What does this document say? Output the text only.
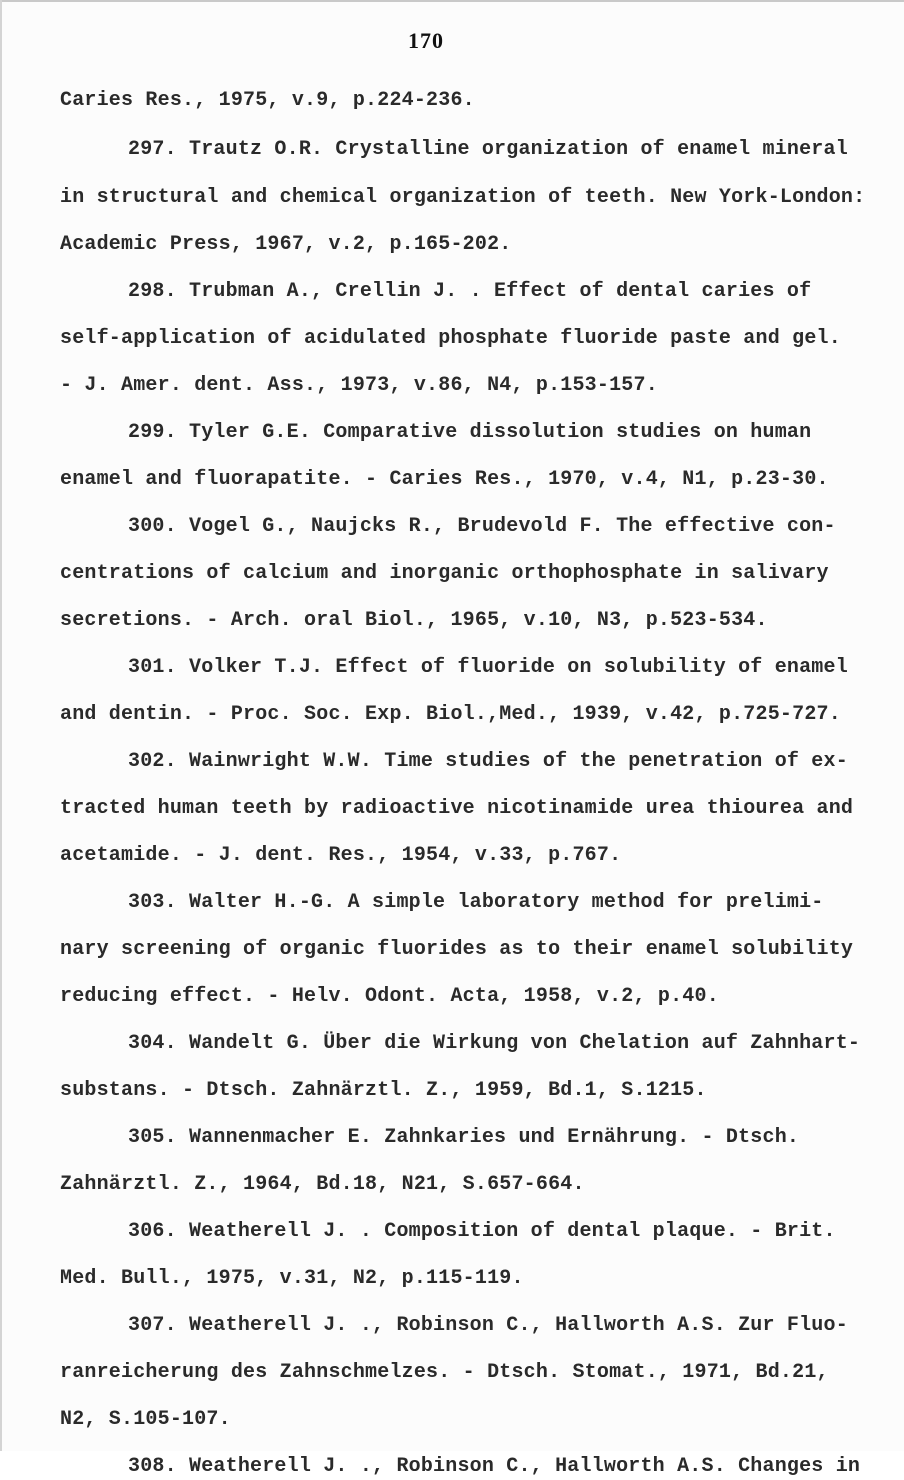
170
Caries Res., 1975, v.9, p.224-236.
297. Trautz O.R. Crystalline organization of enamel mineral
in structural and chemical organization of teeth. New York-London:
Academic Press, 1967, v.2, p.165-202.
298. Trubman A., Crellin J. . Effect of dental caries of
self-application of acidulated phosphate fluoride paste and gel.
- J. Amer. dent. Ass., 1973, v.86, N4, p.153-157.
299. Tyler G.E. Comparative dissolution studies on human
enamel and fluorapatite. - Caries Res., 1970, v.4, N1, p.23-30.
300. Vogel G., Naujcks R., Brudevold F. The effective con-
centrations of calcium and inorganic orthophosphate in salivary
secretions. - Arch. oral Biol., 1965, v.10, N3, p.523-534.
301. Volker T.J. Effect of fluoride on solubility of enamel
and dentin. - Proc. Soc. Exp. Biol.,Med., 1939, v.42, p.725-727.
302. Wainwright W.W. Time studies of the penetration of ex-
tracted human teeth by radioactive nicotinamide urea thiourea and
acetamide. - J. dent. Res., 1954, v.33, p.767.
303. Walter H.-G. A simple laboratory method for prelimi-
nary screening of organic fluorides as to their enamel solubility
reducing effect. - Helv. Odont. Acta, 1958, v.2, p.40.
304. Wandelt G. Über die Wirkung von Chelation auf Zahnhart-
substans. - Dtsch. Zahnärztl. Z., 1959, Bd.1, S.1215.
305. Wannenmacher E. Zahnkaries und Ernährung. - Dtsch.
Zahnärztl. Z., 1964, Bd.18, N21, S.657-664.
306. Weatherell J. . Composition of dental plaque. - Brit.
Med. Bull., 1975, v.31, N2, p.115-119.
307. Weatherell J. ., Robinson C., Hallworth A.S. Zur Fluo-
ranreicherung des Zahnschmelzes. - Dtsch. Stomat., 1971, Bd.21,
N2, S.105-107.
308. Weatherell J. ., Robinson C., Hallworth A.S. Changes in
